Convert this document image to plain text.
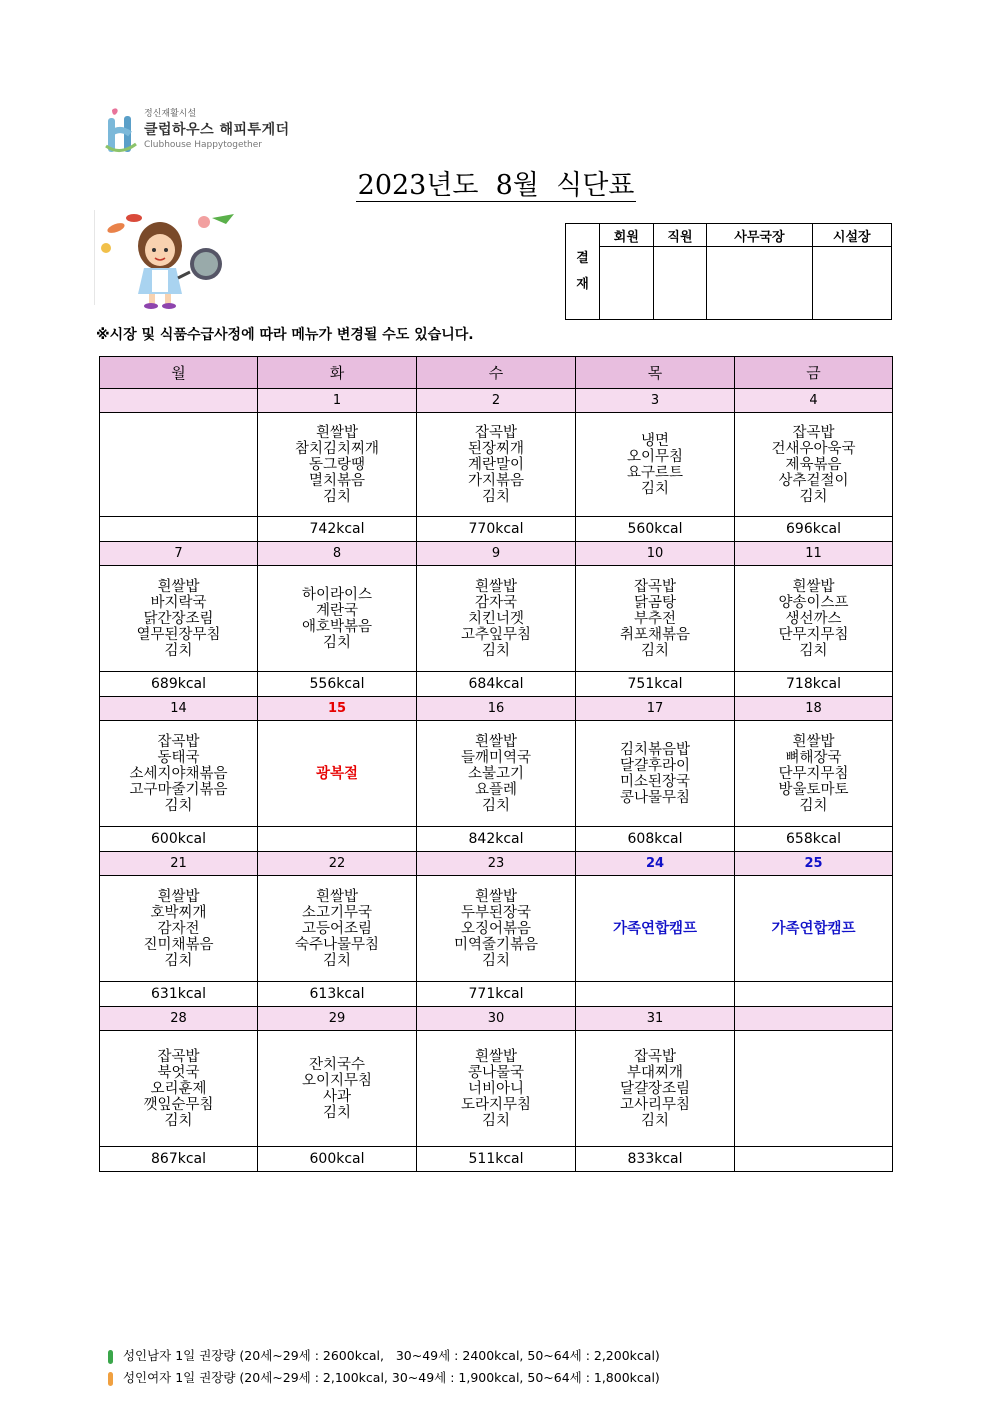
정신재활시설
클럽하우스 해피투게더
Clubhouse Happytogether
2023년도  8월  식단표
결
재	회원	직원	사무국장	시설장

※시장 및 식품수급사정에 따라 메뉴가 변경될 수도 있습니다.
월	화	수	목	금
	1	2	3	4

	흰쌀밥
참치김치찌개
동그랑땡
멸치볶음
김치	잡곡밥
된장찌개
계란말이
가지볶음
김치	냉면
오이무침
요구르트
김치	잡곡밥
건새우아욱국
제육볶음
상추겉절이
김치

	742kcal	770kcal	560kcal	696kcal
7	8	9	10	11

흰쌀밥
바지락국
닭간장조림
열무된장무침
김치	하이라이스
계란국
애호박볶음
김치	흰쌀밥
감자국
치킨너겟
고추잎무침
김치	잡곡밥
닭곰탕
부추전
취포채볶음
김치	흰쌀밥
양송이스프
생선까스
단무지무침
김치

689kcal	556kcal	684kcal	751kcal	718kcal
14	15	16	17	18

잡곡밥
동태국
소세지야채볶음
고구마줄기볶음
김치	광복절	흰쌀밥
들깨미역국
소불고기
요플레
김치	김치볶음밥
달걀후라이
미소된장국
콩나물무침	흰쌀밥
뼈해장국
단무지무침
방울토마토
김치

600kcal		842kcal	608kcal	658kcal
21	22	23	24	25

흰쌀밥
호박찌개
감자전
진미채볶음
김치	흰쌀밥
소고기무국
고등어조림
숙주나물무침
김치	흰쌀밥
두부된장국
오징어볶음
미역줄기볶음
김치	가족연합캠프	가족연합캠프

631kcal	613kcal	771kcal		
28	29	30	31	

잡곡밥
북엇국
오리훈제
깻잎순무침
김치	잔치국수
오이지무침
사과
김치	흰쌀밥
콩나물국
너비아니
도라지무침
김치	잡곡밥
부대찌개
달걀장조림
고사리무침
김치	

867kcal	600kcal	511kcal	833kcal	

성인남자 1일 권장량 (20세~29세 : 2600kcal,   30~49세 : 2400kcal, 50~64세 : 2,200kcal)

성인여자 1일 권장량 (20세~29세 : 2,100kcal, 30~49세 : 1,900kcal, 50~64세 : 1,800kcal)
